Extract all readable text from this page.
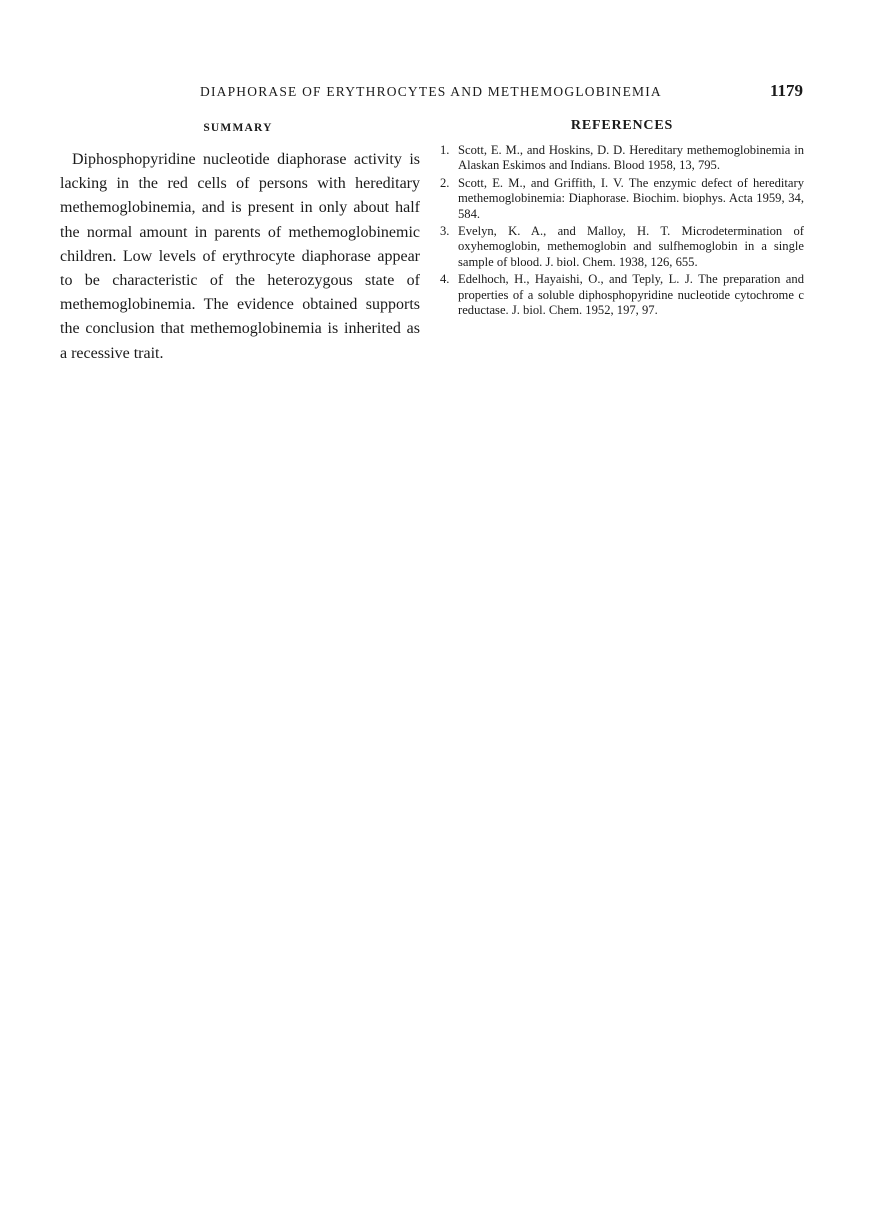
DIAPHORASE OF ERYTHROCYTES AND METHEMOGLOBINEMIA	1179
SUMMARY

Diphosphopyridine nucleotide diaphorase activity is lacking in the red cells of persons with hereditary methemoglobinemia, and is present in only about half the normal amount in parents of methemoglobinemic children. Low levels of erythrocyte diaphorase appear to be characteristic of the heterozygous state of methemoglobinemia. The evidence obtained supports the conclusion that methemoglobinemia is inherited as a recessive trait.

REFERENCES
1. Scott, E. M., and Hoskins, D. D. Hereditary methemoglobinemia in Alaskan Eskimos and Indians. Blood 1958, 13, 795.
2. Scott, E. M., and Griffith, I. V. The enzymic defect of hereditary methemoglobinemia: Diaphorase. Biochim. biophys. Acta 1959, 34, 584.
3. Evelyn, K. A., and Malloy, H. T. Microdetermination of oxyhemoglobin, methemoglobin and sulfhemoglobin in a single sample of blood. J. biol. Chem. 1938, 126, 655.
4. Edelhoch, H., Hayaishi, O., and Teply, L. J. The preparation and properties of a soluble diphosphopyridine nucleotide cytochrome c reductase. J. biol. Chem. 1952, 197, 97.
